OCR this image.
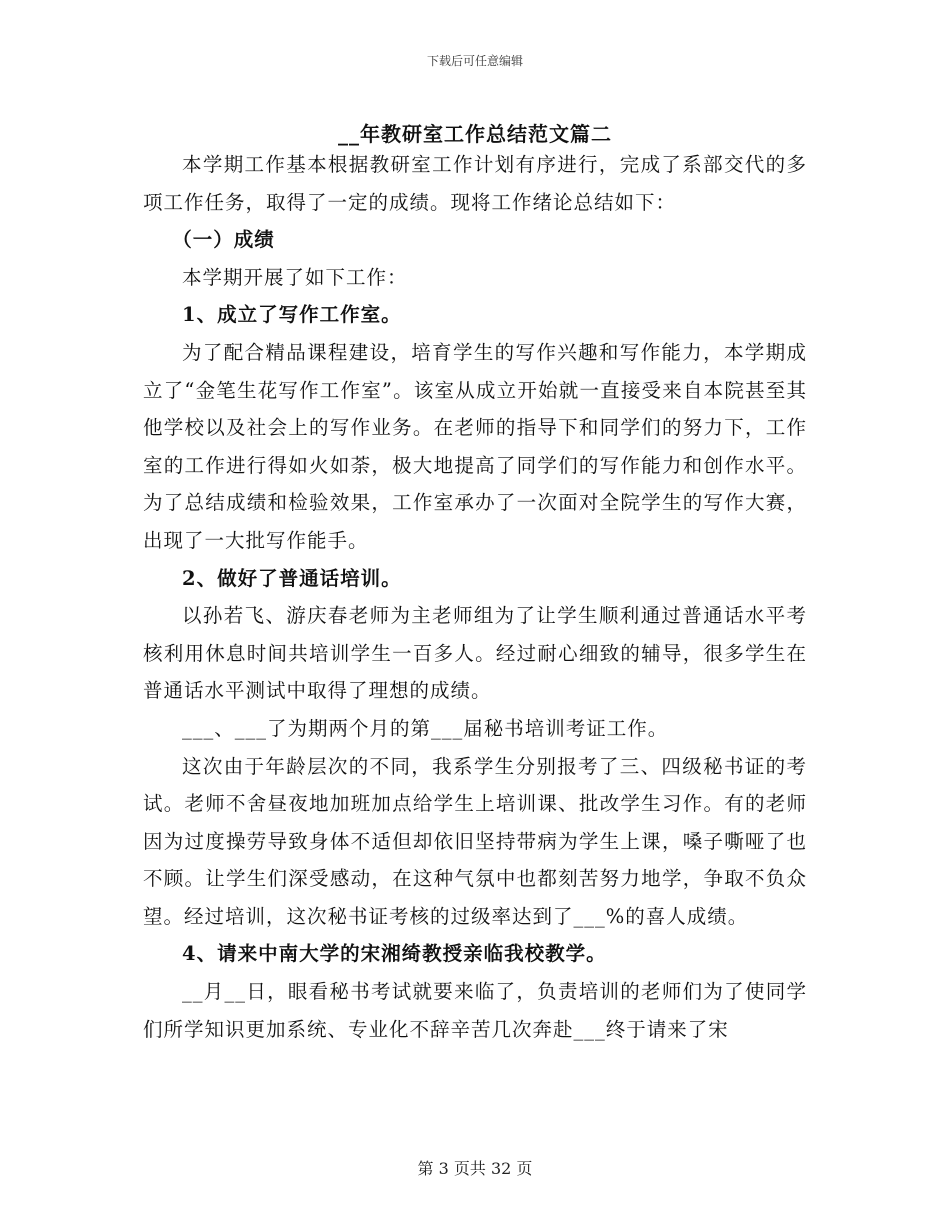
下载后可任意编辑
__年教研室工作总结范文篇二

本学期工作基本根据教研室工作计划有序进行，完成了系部交代的多项工作任务，取得了一定的成绩。现将工作绪论总结如下：

（一）成绩

本学期开展了如下工作：

1、成立了写作工作室。

为了配合精品课程建设，培育学生的写作兴趣和写作能力，本学期成立了“金笔生花写作工作室”。该室从成立开始就一直接受来自本院甚至其他学校以及社会上的写作业务。在老师的指导下和同学们的努力下，工作室的工作进行得如火如荼，极大地提高了同学们的写作能力和创作水平。为了总结成绩和检验效果，工作室承办了一次面对全院学生的写作大赛，出现了一大批写作能手。

2、做好了普通话培训。

以孙若飞、游庆春老师为主老师组为了让学生顺利通过普通话水平考核利用休息时间共培训学生一百多人。经过耐心细致的辅导，很多学生在普通话水平测试中取得了理想的成绩。

___、___了为期两个月的第___届秘书培训考证工作。

这次由于年龄层次的不同，我系学生分别报考了三、四级秘书证的考试。老师不舍昼夜地加班加点给学生上培训课、批改学生习作。有的老师因为过度操劳导致身体不适但却依旧坚持带病为学生上课，嗓子嘶哑了也不顾。让学生们深受感动，在这种气氛中也都刻苦努力地学，争取不负众望。经过培训，这次秘书证考核的过级率达到了___%的喜人成绩。

4、请来中南大学的宋湘绮教授亲临我校教学。

__月__日，眼看秘书考试就要来临了，负责培训的老师们为了使同学们所学知识更加系统、专业化不辞辛苦几次奔赴___终于请来了宋

第 3 页共 32 页
